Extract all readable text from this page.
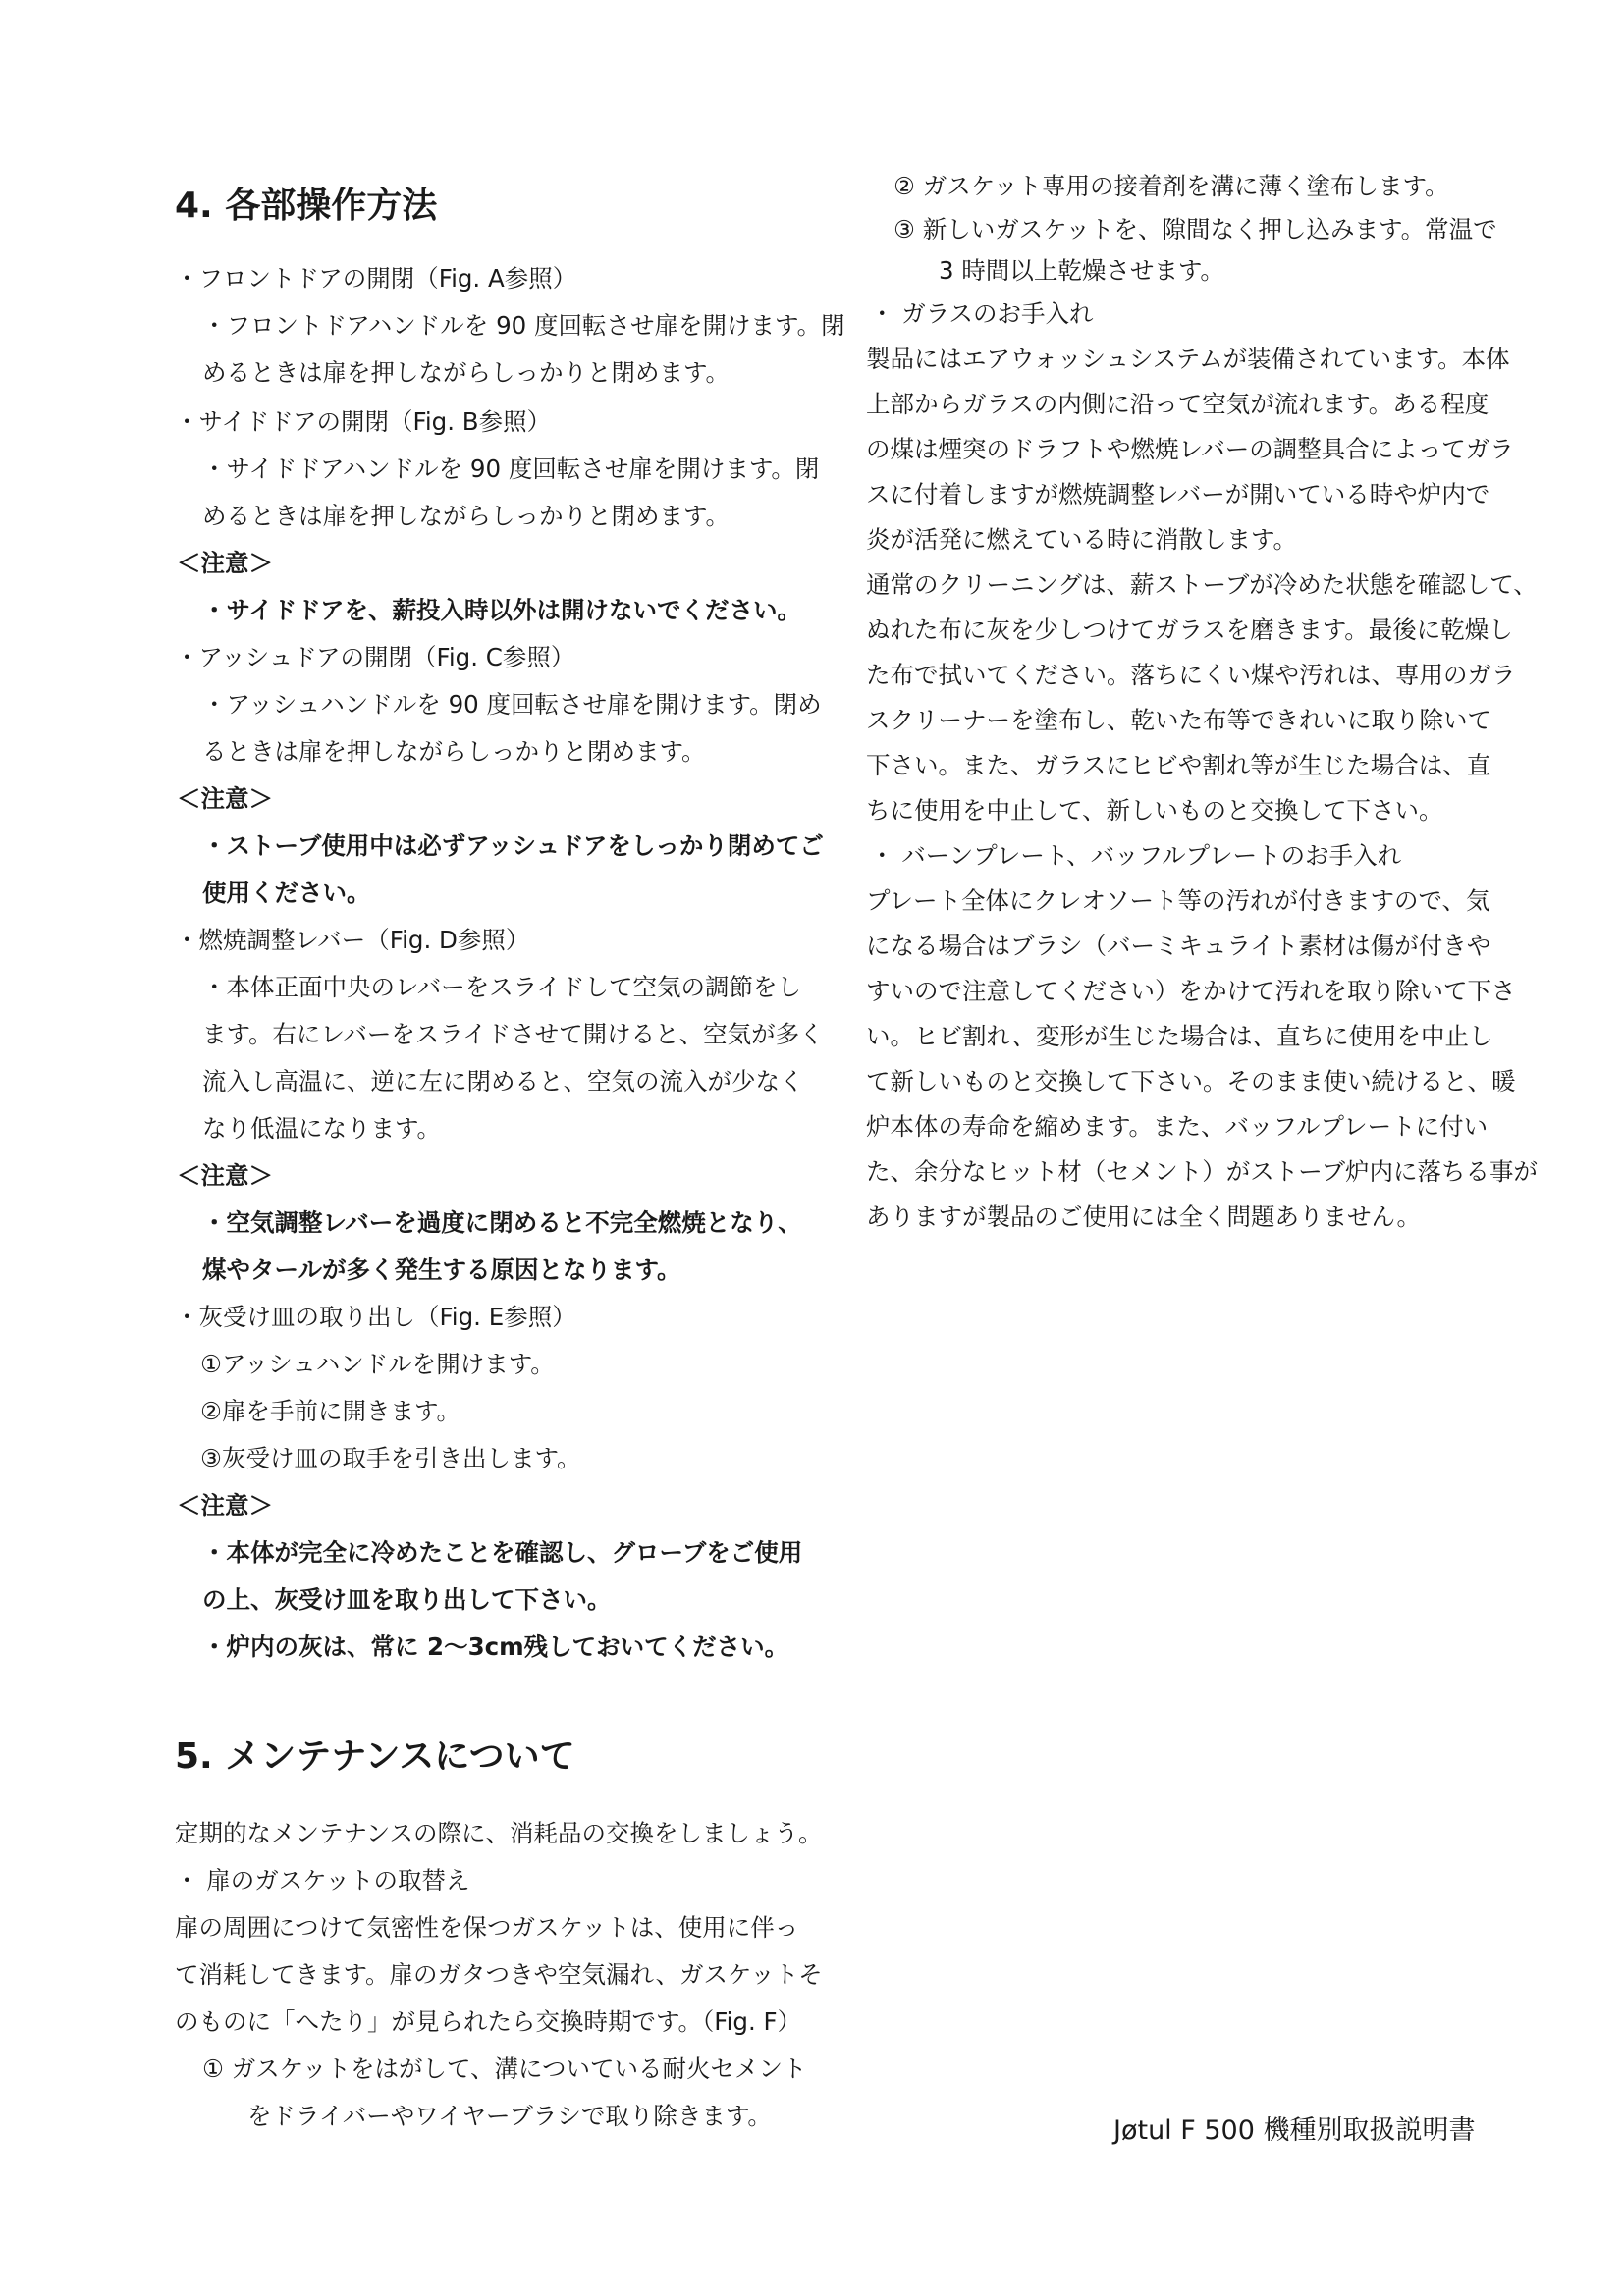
4. 各部操作方法
・フロントドアの開閉（Fig. A参照）
・フロントドアハンドルを 90 度回転させ扉を開けます。閉
めるときは扉を押しながらしっかりと閉めます。
・サイドドアの開閉（Fig. B参照）
・サイドドアハンドルを 90 度回転させ扉を開けます。閉
めるときは扉を押しながらしっかりと閉めます。
＜注意＞
・サイドドアを、薪投入時以外は開けないでください。
・アッシュドアの開閉（Fig. C参照）
・アッシュハンドルを 90 度回転させ扉を開けます。閉め
るときは扉を押しながらしっかりと閉めます。
＜注意＞
・ストーブ使用中は必ずアッシュドアをしっかり閉めてご
使用ください。
・燃焼調整レバー（Fig. D参照）
・本体正面中央のレバーをスライドして空気の調節をし
ます。右にレバーをスライドさせて開けると、空気が多く
流入し高温に、逆に左に閉めると、空気の流入が少なく
なり低温になります。
＜注意＞
・空気調整レバーを過度に閉めると不完全燃焼となり、
煤やタールが多く発生する原因となります。
・灰受け皿の取り出し（Fig. E参照）
①アッシュハンドルを開けます。
②扉を手前に開きます。
③灰受け皿の取手を引き出します。
＜注意＞
・本体が完全に冷めたことを確認し、グローブをご使用
の上、灰受け皿を取り出して下さい。
・炉内の灰は、常に 2〜3cm残しておいてください。
5. メンテナンスについて
定期的なメンテナンスの際に、消耗品の交換をしましょう。
・ 扉のガスケットの取替え
扉の周囲につけて気密性を保つガスケットは、使用に伴っ
て消耗してきます。扉のガタつきや空気漏れ、ガスケットそ
のものに「へたり」が見られたら交換時期です。（Fig. F）
① ガスケットをはがして、溝についている耐火セメント
をドライバーやワイヤーブラシで取り除きます。
② ガスケット専用の接着剤を溝に薄く塗布します。
③ 新しいガスケットを、隙間なく押し込みます。常温で
3 時間以上乾燥させます。
・ ガラスのお手入れ
製品にはエアウォッシュシステムが装備されています。本体
上部からガラスの内側に沿って空気が流れます。ある程度
の煤は煙突のドラフトや燃焼レバーの調整具合によってガラ
スに付着しますが燃焼調整レバーが開いている時や炉内で
炎が活発に燃えている時に消散します。
通常のクリーニングは、薪ストーブが冷めた状態を確認して、
ぬれた布に灰を少しつけてガラスを磨きます。最後に乾燥し
た布で拭いてください。落ちにくい煤や汚れは、専用のガラ
スクリーナーを塗布し、乾いた布等できれいに取り除いて
下さい。また、ガラスにヒビや割れ等が生じた場合は、直
ちに使用を中止して、新しいものと交換して下さい。
・ バーンプレート、バッフルプレートのお手入れ
プレート全体にクレオソート等の汚れが付きますので、気
になる場合はブラシ（バーミキュライト素材は傷が付きや
すいので注意してください）をかけて汚れを取り除いて下さ
い。ヒビ割れ、変形が生じた場合は、直ちに使用を中止し
て新しいものと交換して下さい。そのまま使い続けると、暖
炉本体の寿命を縮めます。また、バッフルプレートに付い
た、余分なヒット材（セメント）がストーブ炉内に落ちる事が
ありますが製品のご使用には全く問題ありません。
Jøtul F 500 機種別取扱説明書
